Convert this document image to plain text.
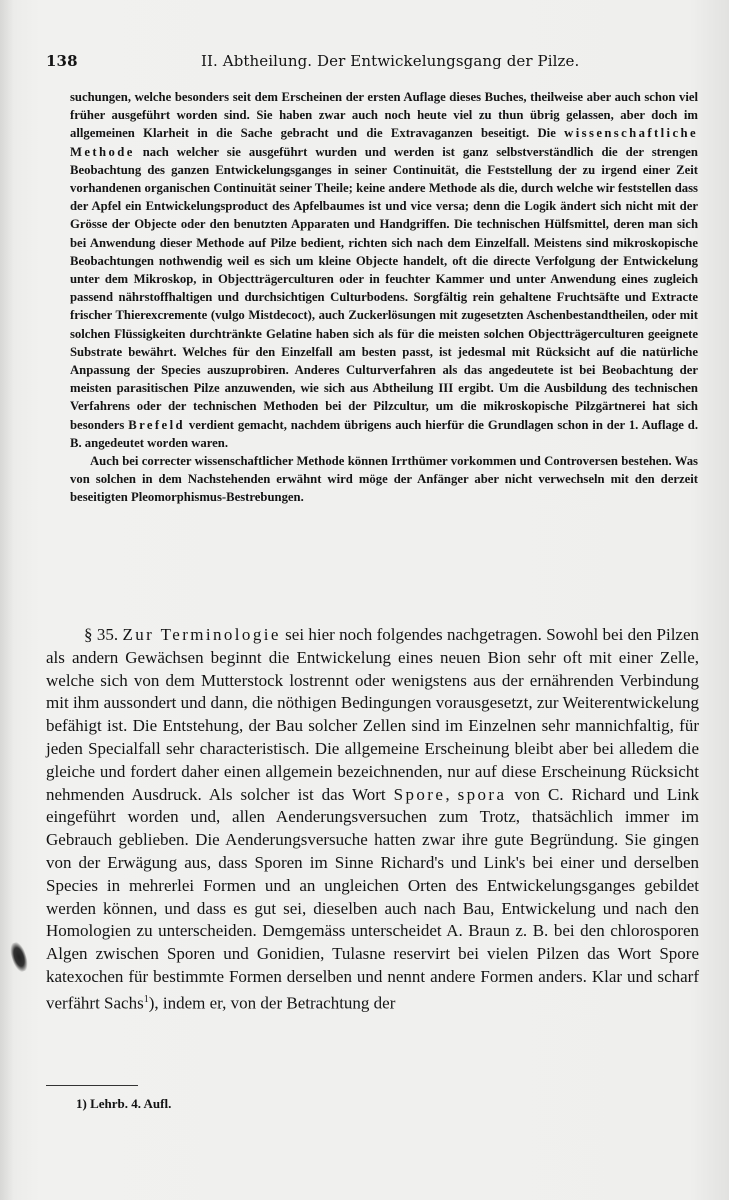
138	II. Abtheilung. Der Entwickelungsgang der Pilze.

suchungen, welche besonders seit dem Erscheinen der ersten Auflage dieses Buches, theilweise aber auch schon viel früher ausgeführt worden sind. Sie haben zwar auch noch heute viel zu thun übrig gelassen, aber doch im allgemeinen Klarheit in die Sache gebracht und die Extravaganzen beseitigt. Die wissenschaftliche Methode nach welcher sie ausgeführt wurden und werden ist ganz selbstverständlich die der strengen Beobachtung des ganzen Entwickelungsganges in seiner Continuität, die Feststellung der zu irgend einer Zeit vorhandenen organischen Continuität seiner Theile; keine andere Methode als die, durch welche wir feststellen dass der Apfel ein Entwickelungsproduct des Apfelbaumes ist und vice versa; denn die Logik ändert sich nicht mit der Grösse der Objecte oder den benutzten Apparaten und Handgriffen. Die technischen Hülfsmittel, deren man sich bei Anwendung dieser Methode auf Pilze bedient, richten sich nach dem Einzelfall. Meistens sind mikroskopische Beobachtungen nothwendig weil es sich um kleine Objecte handelt, oft die directe Verfolgung der Entwickelung unter dem Mikroskop, in Objectträgerculturen oder in feuchter Kammer und unter Anwendung eines zugleich passend nährstoffhaltigen und durchsichtigen Culturbodens. Sorgfältig rein gehaltene Fruchtsäfte und Extracte frischer Thierexcremente (vulgo Mistdecoct), auch Zuckerlösungen mit zugesetzten Aschenbestandtheilen, oder mit solchen Flüssigkeiten durchtränkte Gelatine haben sich als für die meisten solchen Objectträgerculturen geeignete Substrate bewährt. Welches für den Einzelfall am besten passt, ist jedesmal mit Rücksicht auf die natürliche Anpassung der Species auszuprobiren. Anderes Culturverfahren als das angedeutete ist bei Beobachtung der meisten parasitischen Pilze anzuwenden, wie sich aus Abtheilung III ergibt. Um die Ausbildung des technischen Verfahrens oder der technischen Methoden bei der Pilzcultur, um die mikroskopische Pilzgärtnerei hat sich besonders Brefeld verdient gemacht, nachdem übrigens auch hierfür die Grundlagen schon in der 1. Auflage d. B. angedeutet worden waren.

Auch bei correcter wissenschaftlicher Methode können Irrthümer vorkommen und Controversen bestehen. Was von solchen in dem Nachstehenden erwähnt wird möge der Anfänger aber nicht verwechseln mit den derzeit beseitigten Pleomorphismus-Bestrebungen.

§ 35. Zur Terminologie sei hier noch folgendes nachgetragen. Sowohl bei den Pilzen als andern Gewächsen beginnt die Entwickelung eines neuen Bion sehr oft mit einer Zelle, welche sich von dem Mutterstock lostrennt oder wenigstens aus der ernährenden Verbindung mit ihm aussondert und dann, die nöthigen Bedingungen vorausgesetzt, zur Weiterentwickelung befähigt ist. Die Entstehung, der Bau solcher Zellen sind im Einzelnen sehr mannichfaltig, für jeden Specialfall sehr characteristisch. Die allgemeine Erscheinung bleibt aber bei alledem die gleiche und fordert daher einen allgemein bezeichnenden, nur auf diese Erscheinung Rücksicht nehmenden Ausdruck. Als solcher ist das Wort Spore, spora von C. Richard und Link eingeführt worden und, allen Aenderungsversuchen zum Trotz, thatsächlich immer im Gebrauch geblieben. Die Aenderungsversuche hatten zwar ihre gute Begründung. Sie gingen von der Erwägung aus, dass Sporen im Sinne Richard's und Link's bei einer und derselben Species in mehrerlei Formen und an ungleichen Orten des Entwickelungsganges gebildet werden können, und dass es gut sei, dieselben auch nach Bau, Entwickelung und nach den Homologien zu unterscheiden. Demgemäss unterscheidet A. Braun z. B. bei den chlorosporen Algen zwischen Sporen und Gonidien, Tulasne reservirt bei vielen Pilzen das Wort Spore katexochen für bestimmte Formen derselben und nennt andere Formen anders. Klar und scharf verfährt Sachs$^1$), indem er, von der Betrachtung der

1) Lehrb. 4. Aufl.
